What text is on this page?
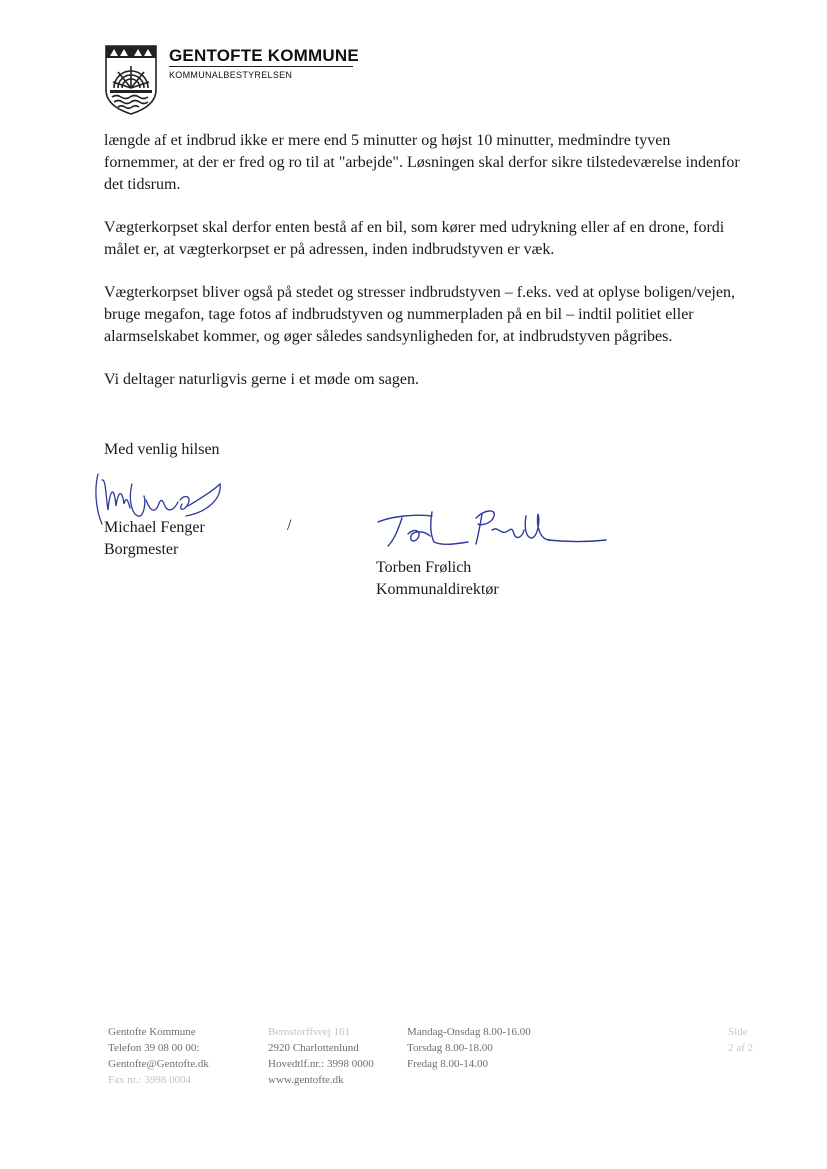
GENTOFTE KOMMUNE
KOMMUNALBESTYRELSEN

længde af et indbrud ikke er mere end 5 minutter og højst 10 minutter, medmindre tyven fornemmer, at der er fred og ro til at "arbejde". Løsningen skal derfor sikre tilstedeværelse indenfor det tidsrum.

Vægterkorpset skal derfor enten bestå af en bil, som kører med udrykning eller af en drone, fordi målet er, at vægterkorpset er på adressen, inden indbrudstyven er væk.

Vægterkorpset bliver også på stedet og stresser indbrudstyven – f.eks. ved at oplyse boligen/vejen, bruge megafon, tage fotos af indbrudstyven og nummerpladen på en bil – indtil politiet eller alarmselskabet kommer, og øger således sandsynligheden for, at indbrudstyven pågribes.

Vi deltager naturligvis gerne i et møde om sagen.

Med venlig hilsen
Michael Fenger
Borgmester
/
Torben Frølich
Kommunaldirektør
Gentofte Kommune
Telefon 39 08 00 00:
Gentofte@Gentofte.dk
Fax nr.: 3998 0004
Bernstorffsvej 161
2920 Charlottenlund
Hovedtlf.nr.: 3998 0000
www.gentofte.dk
Mandag-Onsdag 8.00-16.00
Torsdag 8.00-18.00
Fredag 8.00-14.00
Side
2 af 2
